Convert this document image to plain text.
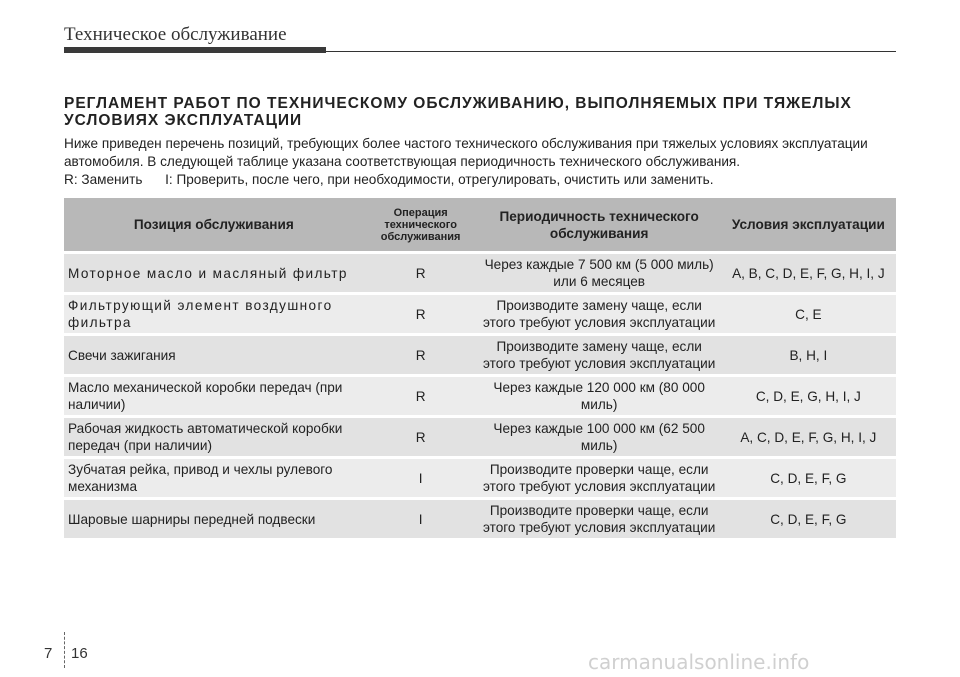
Техническое обслуживание
РЕГЛАМЕНТ РАБОТ ПО ТЕХНИЧЕСКОМУ ОБСЛУЖИВАНИЮ, ВЫПОЛНЯЕМЫХ ПРИ ТЯЖЕЛЫХ УСЛОВИЯХ ЭКСПЛУАТАЦИИ
Ниже приведен перечень позиций, требующих более частого технического обслуживания при тяжелых условиях эксплуатации автомобиля. В следующей таблице указана соответствующая периодичность технического обслуживания.
R: Заменить I: Проверить, после чего, при необходимости, отрегулировать, очистить или заменить.
Позиция обслуживания	Операция технического обслуживания	Периодичность технического обслуживания	Условия эксплуатации
Моторное масло и масляный фильтр	R	Через каждые 7 500 км (5 000 миль) или 6 месяцев	A, B, C, D, E, F, G, H, I, J
Фильтрующий элемент воздушного фильтра	R	Производите замену чаще, если этого требуют условия эксплуатации	C, E
Свечи зажигания	R	Производите замену чаще, если этого требуют условия эксплуатации	B, H, I
Масло механической коробки передач (при наличии)	R	Через каждые 120 000 км (80 000 миль)	C, D, E, G, H, I, J
Рабочая жидкость автоматической коробки передач (при наличии)	R	Через каждые 100 000 км (62 500 миль)	A, C, D, E, F, G, H, I, J
Зубчатая рейка, привод и чехлы рулевого механизма	I	Производите проверки чаще, если этого требуют условия эксплуатации	C, D, E, F, G
Шаровые шарниры передней подвески	I	Производите проверки чаще, если этого требуют условия эксплуатации	C, D, E, F, G
7 16	carmanualsonline.info
